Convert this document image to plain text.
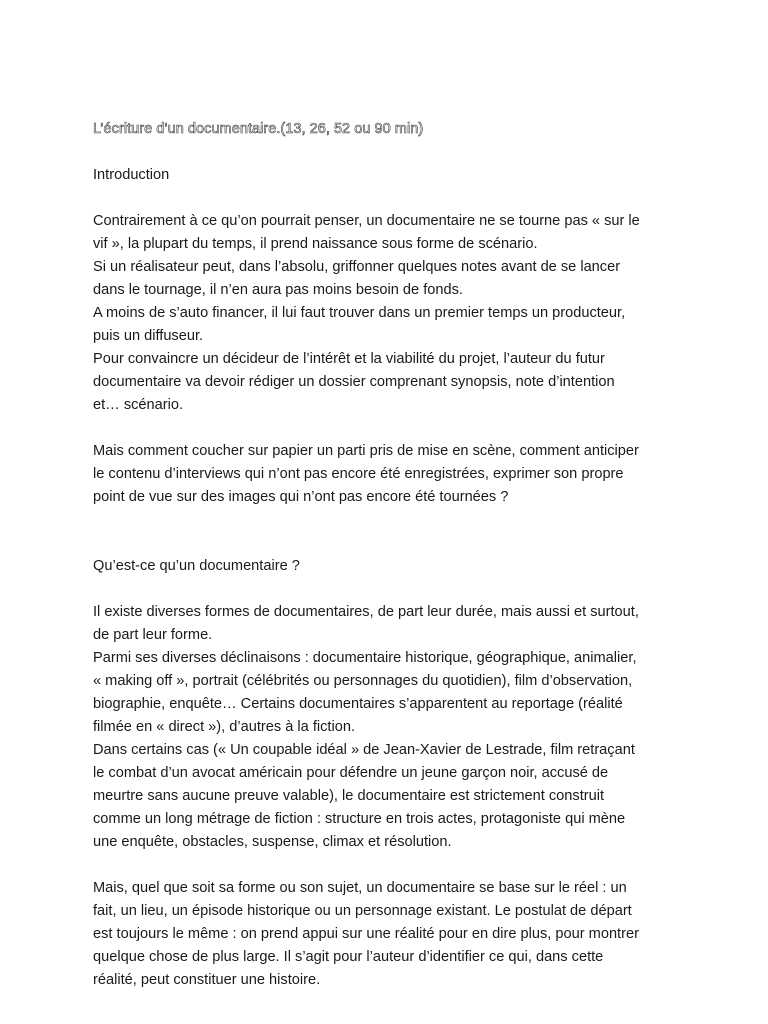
L’écriture d’un documentaire.(13, 26, 52 ou 90 min)
Introduction
Contrairement à ce qu’on pourrait penser, un documentaire ne se tourne pas « sur le
vif », la plupart du temps, il prend naissance sous forme de scénario.
Si un réalisateur peut, dans l’absolu, griffonner quelques notes avant de se lancer
dans le tournage, il n’en aura pas moins besoin de fonds.
A moins de s’auto financer, il lui faut trouver dans un premier temps un producteur,
puis un diffuseur.
Pour convaincre un décideur de l’intérêt et la viabilité du projet, l’auteur du futur
documentaire va devoir rédiger un dossier comprenant synopsis, note d’intention
et… scénario.
Mais comment coucher sur papier un parti pris de mise en scène, comment anticiper
le contenu d’interviews qui n’ont pas encore été enregistrées, exprimer son propre
point de vue sur des images qui n’ont pas encore été tournées ?
Qu’est-ce qu’un documentaire ?
Il existe diverses formes de documentaires, de part leur durée, mais aussi et surtout,
de part leur forme.
Parmi ses diverses déclinaisons : documentaire historique, géographique, animalier,
« making off », portrait (célébrités ou personnages du quotidien), film d’observation,
biographie, enquête… Certains documentaires s’apparentent au reportage (réalité
filmée en « direct »), d’autres à la fiction.
Dans certains cas (« Un coupable idéal » de Jean-Xavier de Lestrade, film retraçant
le combat d’un avocat américain pour défendre un jeune garçon noir, accusé de
meurtre sans aucune preuve valable), le documentaire est strictement construit
comme un long métrage de fiction : structure en trois actes, protagoniste qui mène
une enquête, obstacles, suspense, climax et résolution.
Mais, quel que soit sa forme ou son sujet, un documentaire se base sur le réel : un
fait, un lieu, un épisode historique ou un personnage existant. Le postulat de départ
est toujours le même : on prend appui sur une réalité pour en dire plus, pour montrer
quelque chose de plus large. Il s’agit pour l’auteur d’identifier ce qui, dans cette
réalité, peut constituer une histoire.
